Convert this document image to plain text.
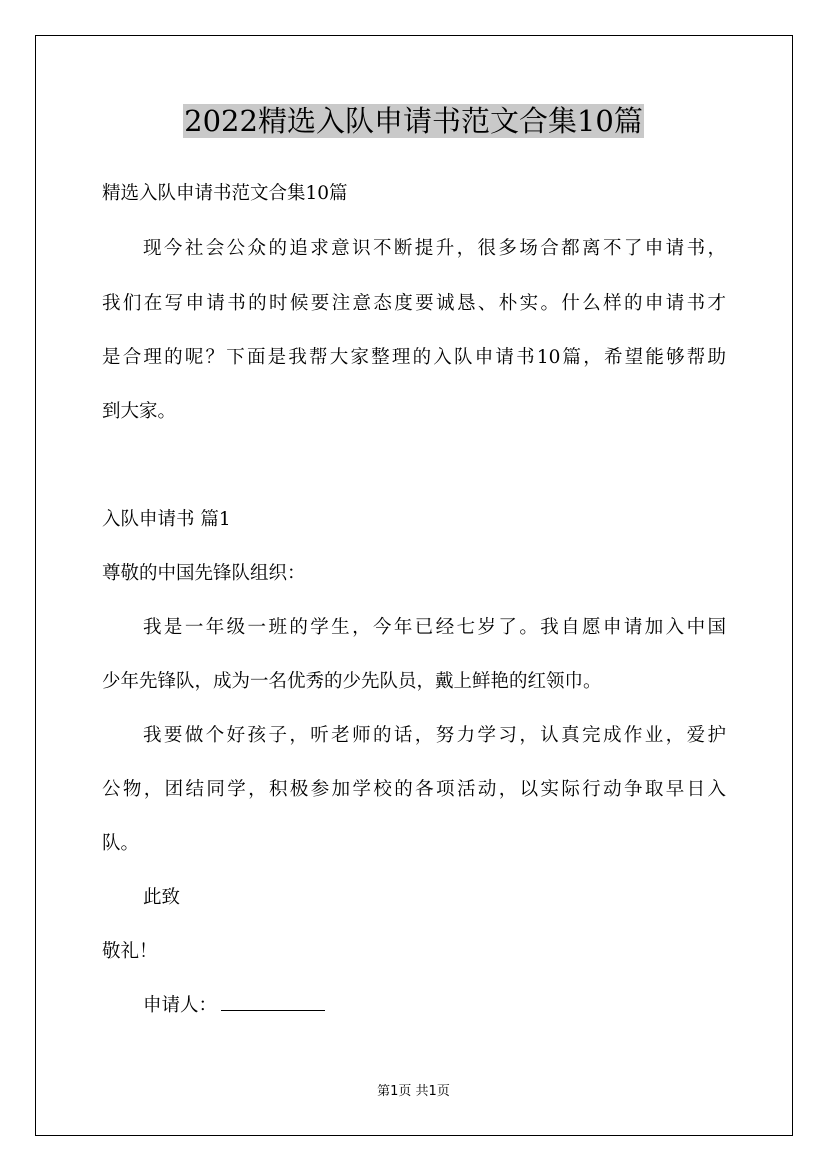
2022精选入队申请书范文合集10篇
精选入队申请书范文合集10篇
现今社会公众的追求意识不断提升，很多场合都离不了申请书，
我们在写申请书的时候要注意态度要诚恳、朴实。什么样的申请书才
是合理的呢？下面是我帮大家整理的入队申请书10篇，希望能够帮助
到大家。
入队申请书 篇1
尊敬的中国先锋队组织：
我是一年级一班的学生，今年已经七岁了。我自愿申请加入中国
少年先锋队，成为一名优秀的少先队员，戴上鲜艳的红领巾。
我要做个好孩子，听老师的话，努力学习，认真完成作业，爱护
公物，团结同学，积极参加学校的各项活动，以实际行动争取早日入
队。
此致
敬礼！
申请人：
第1页 共1页
